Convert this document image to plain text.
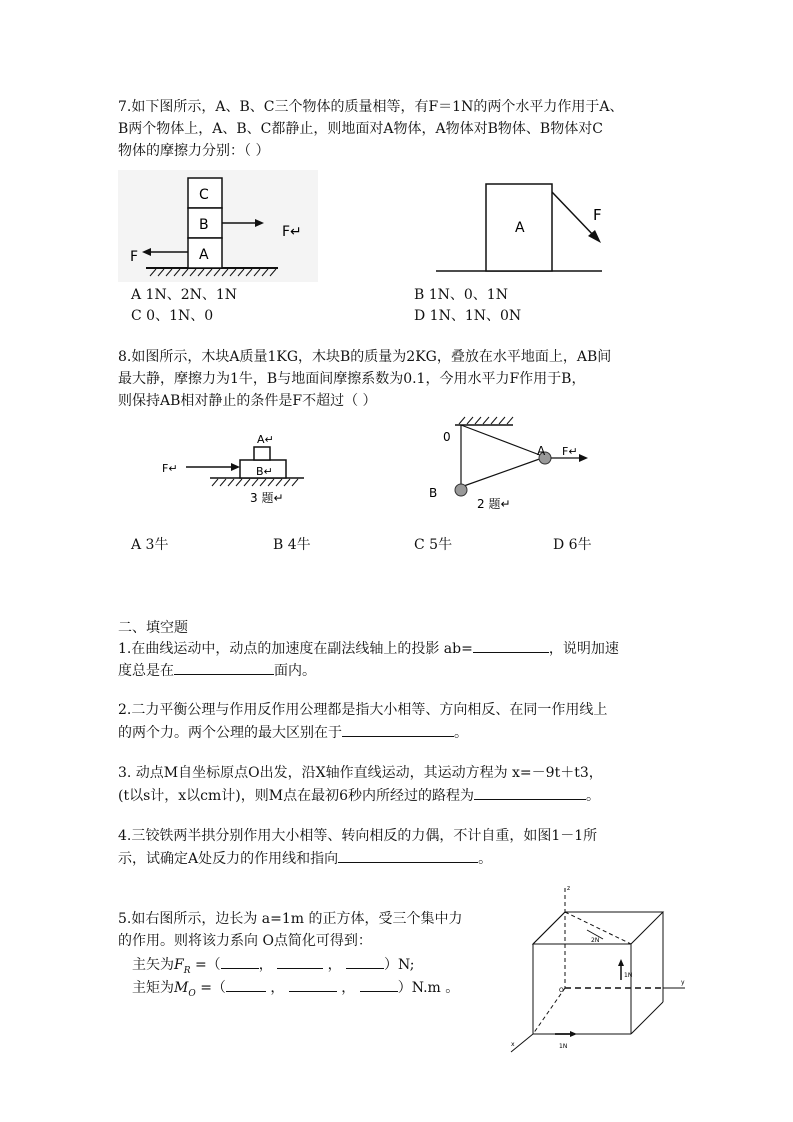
7.如下图所示，A、B、C三个物体的质量相等，有F＝1N的两个水平力作用于A、
B两个物体上，A、B、C都静止，则地面对A物体，A物体对B物体、B物体对C
物体的摩擦力分别：（ ）
C
B
A
F↵
F
A
F
A 1N、2N、1N	B 1N、0、1N
C 0、1N、0	D 1N、1N、0N
8.如图所示，木块A质量1KG，木块B的质量为2KG，叠放在水平地面上，AB间
最大静，摩擦力为1牛，B与地面间摩擦系数为0.1，今用水平力F作用于B，
则保持AB相对静止的条件是F不超过（ ）
A↵
B↵
F↵
3 题↵
0
A F↵
B
2 题↵
A 3牛	B 4牛	C 5牛	D 6牛
二、填空题
1.在曲线运动中，动点的加速度在副法线轴上的投影 ab=	，说明加速
度总是在	面内。
2.二力平衡公理与作用反作用公理都是指大小相等、方向相反、在同一作用线上
的两个力。两个公理的最大区别在于	。
3. 动点M自坐标原点O出发，沿X轴作直线运动，其运动方程为 x=－9t＋t3，
(t以s计，x以cm计)，则M点在最初6秒内所经过的路程为	。
4.三铰铁两半拱分别作用大小相等、转向相反的力偶，不计自重，如图1－1所
示，试确定A处反力的作用线和指向	。
5.如右图所示，边长为 a=1m 的正方体，受三个集中力
的作用。则将该力系向 O点简化可得到：
主矢为$F_R$ =（	，	，	）N;
主矩为$M_O$ =（	，	，	）N.m 。
2N
1N
1N
O
z
y
x
